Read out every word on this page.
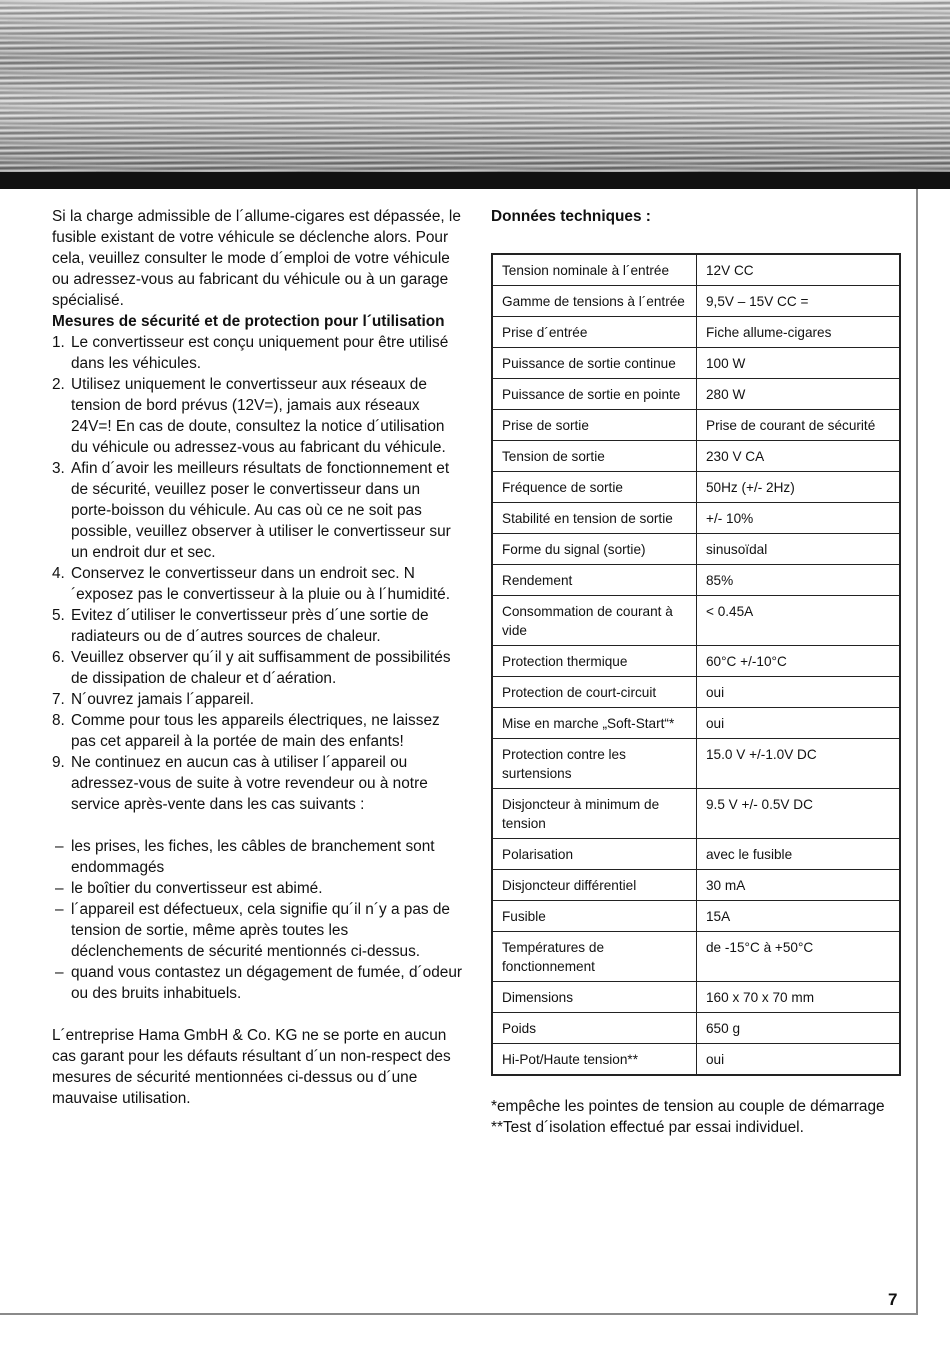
Si la charge admissible de l´allume-cigares est dépassée, le fusible existant de votre véhicule se déclenche alors. Pour cela, veuillez consulter le mode d´emploi de votre véhicule ou adressez-vous au fabricant du véhicule ou à un garage spécialisé.

Mesures de sécurité et de protection pour l´utilisation

1. Le convertisseur est conçu uniquement pour être utilisé dans les véhicules.
2. Utilisez uniquement le convertisseur aux réseaux de tension de bord prévus (12V=), jamais aux réseaux 24V=! En cas de doute, consultez la notice d´utilisation du véhicule ou adressez-vous au fabricant du véhicule.
3. Afin d´avoir les meilleurs résultats de fonctionnement et de sécurité, veuillez poser le convertisseur dans un porte-boisson du véhicule. Au cas où ce ne soit pas possible, veuillez observer à utiliser le convertisseur sur un endroit dur et sec.
4. Conservez le convertisseur dans un endroit sec. N´exposez pas le convertisseur à la pluie ou à l´humidité.
5. Evitez d´utiliser le convertisseur près d´une sortie de radiateurs ou de d´autres sources de chaleur.
6. Veuillez observer qu´il y ait suffisamment de possibilités de dissipation de chaleur et d´aération.
7. N´ouvrez jamais l´appareil.
8. Comme pour tous les appareils électriques, ne laissez pas cet appareil à la portée de main des enfants!
9. Ne continuez en aucun cas à utiliser l´appareil ou adressez-vous de suite à votre revendeur ou à notre service après-vente dans les cas suivants :
– les prises, les fiches, les câbles de branchement sont endommagés
– le boîtier du convertisseur est abimé.
– l´appareil est défectueux, cela signifie qu´il n´y a pas de tension de sortie, même après toutes les déclenchements de sécurité mentionnés ci-dessus.
– quand vous contastez un dégagement de fumée, d´odeur ou des bruits inhabituels.

L´entreprise Hama GmbH & Co. KG ne se porte en aucun cas garant pour les défauts résultant d´un non-respect des mesures de sécurité mentionnées ci-dessus ou d´une mauvaise utilisation.

Données techniques :

Tension nominale à l´entrée	12V CC
Gamme de tensions à l´entrée	9,5V – 15V CC =
Prise d´entrée	Fiche allume-cigares
Puissance de sortie continue	100 W
Puissance de sortie en pointe	280 W
Prise de sortie	Prise de courant de sécurité
Tension de sortie	230 V CA
Fréquence de sortie	50Hz (+/- 2Hz)
Stabilité en tension de sortie	+/- 10%
Forme du signal (sortie)	sinusoïdal
Rendement	85%
Consommation de courant à vide	< 0.45A
Protection thermique	60°C +/-10°C
Protection de court-circuit	oui
Mise en marche „Soft-Start“*	oui
Protection contre les surtensions	15.0 V +/-1.0V DC
Disjoncteur à minimum de tension	9.5 V +/- 0.5V DC
Polarisation	avec le fusible
Disjoncteur différentiel	30 mA
Fusible	15A
Températures de fonctionnement	de -15°C à +50°C
Dimensions	160 x 70 x 70 mm
Poids	650 g
Hi-Pot/Haute tension**	oui

*empêche les pointes de tension au couple de démarrage

**Test d´isolation effectué par essai individuel.

7
